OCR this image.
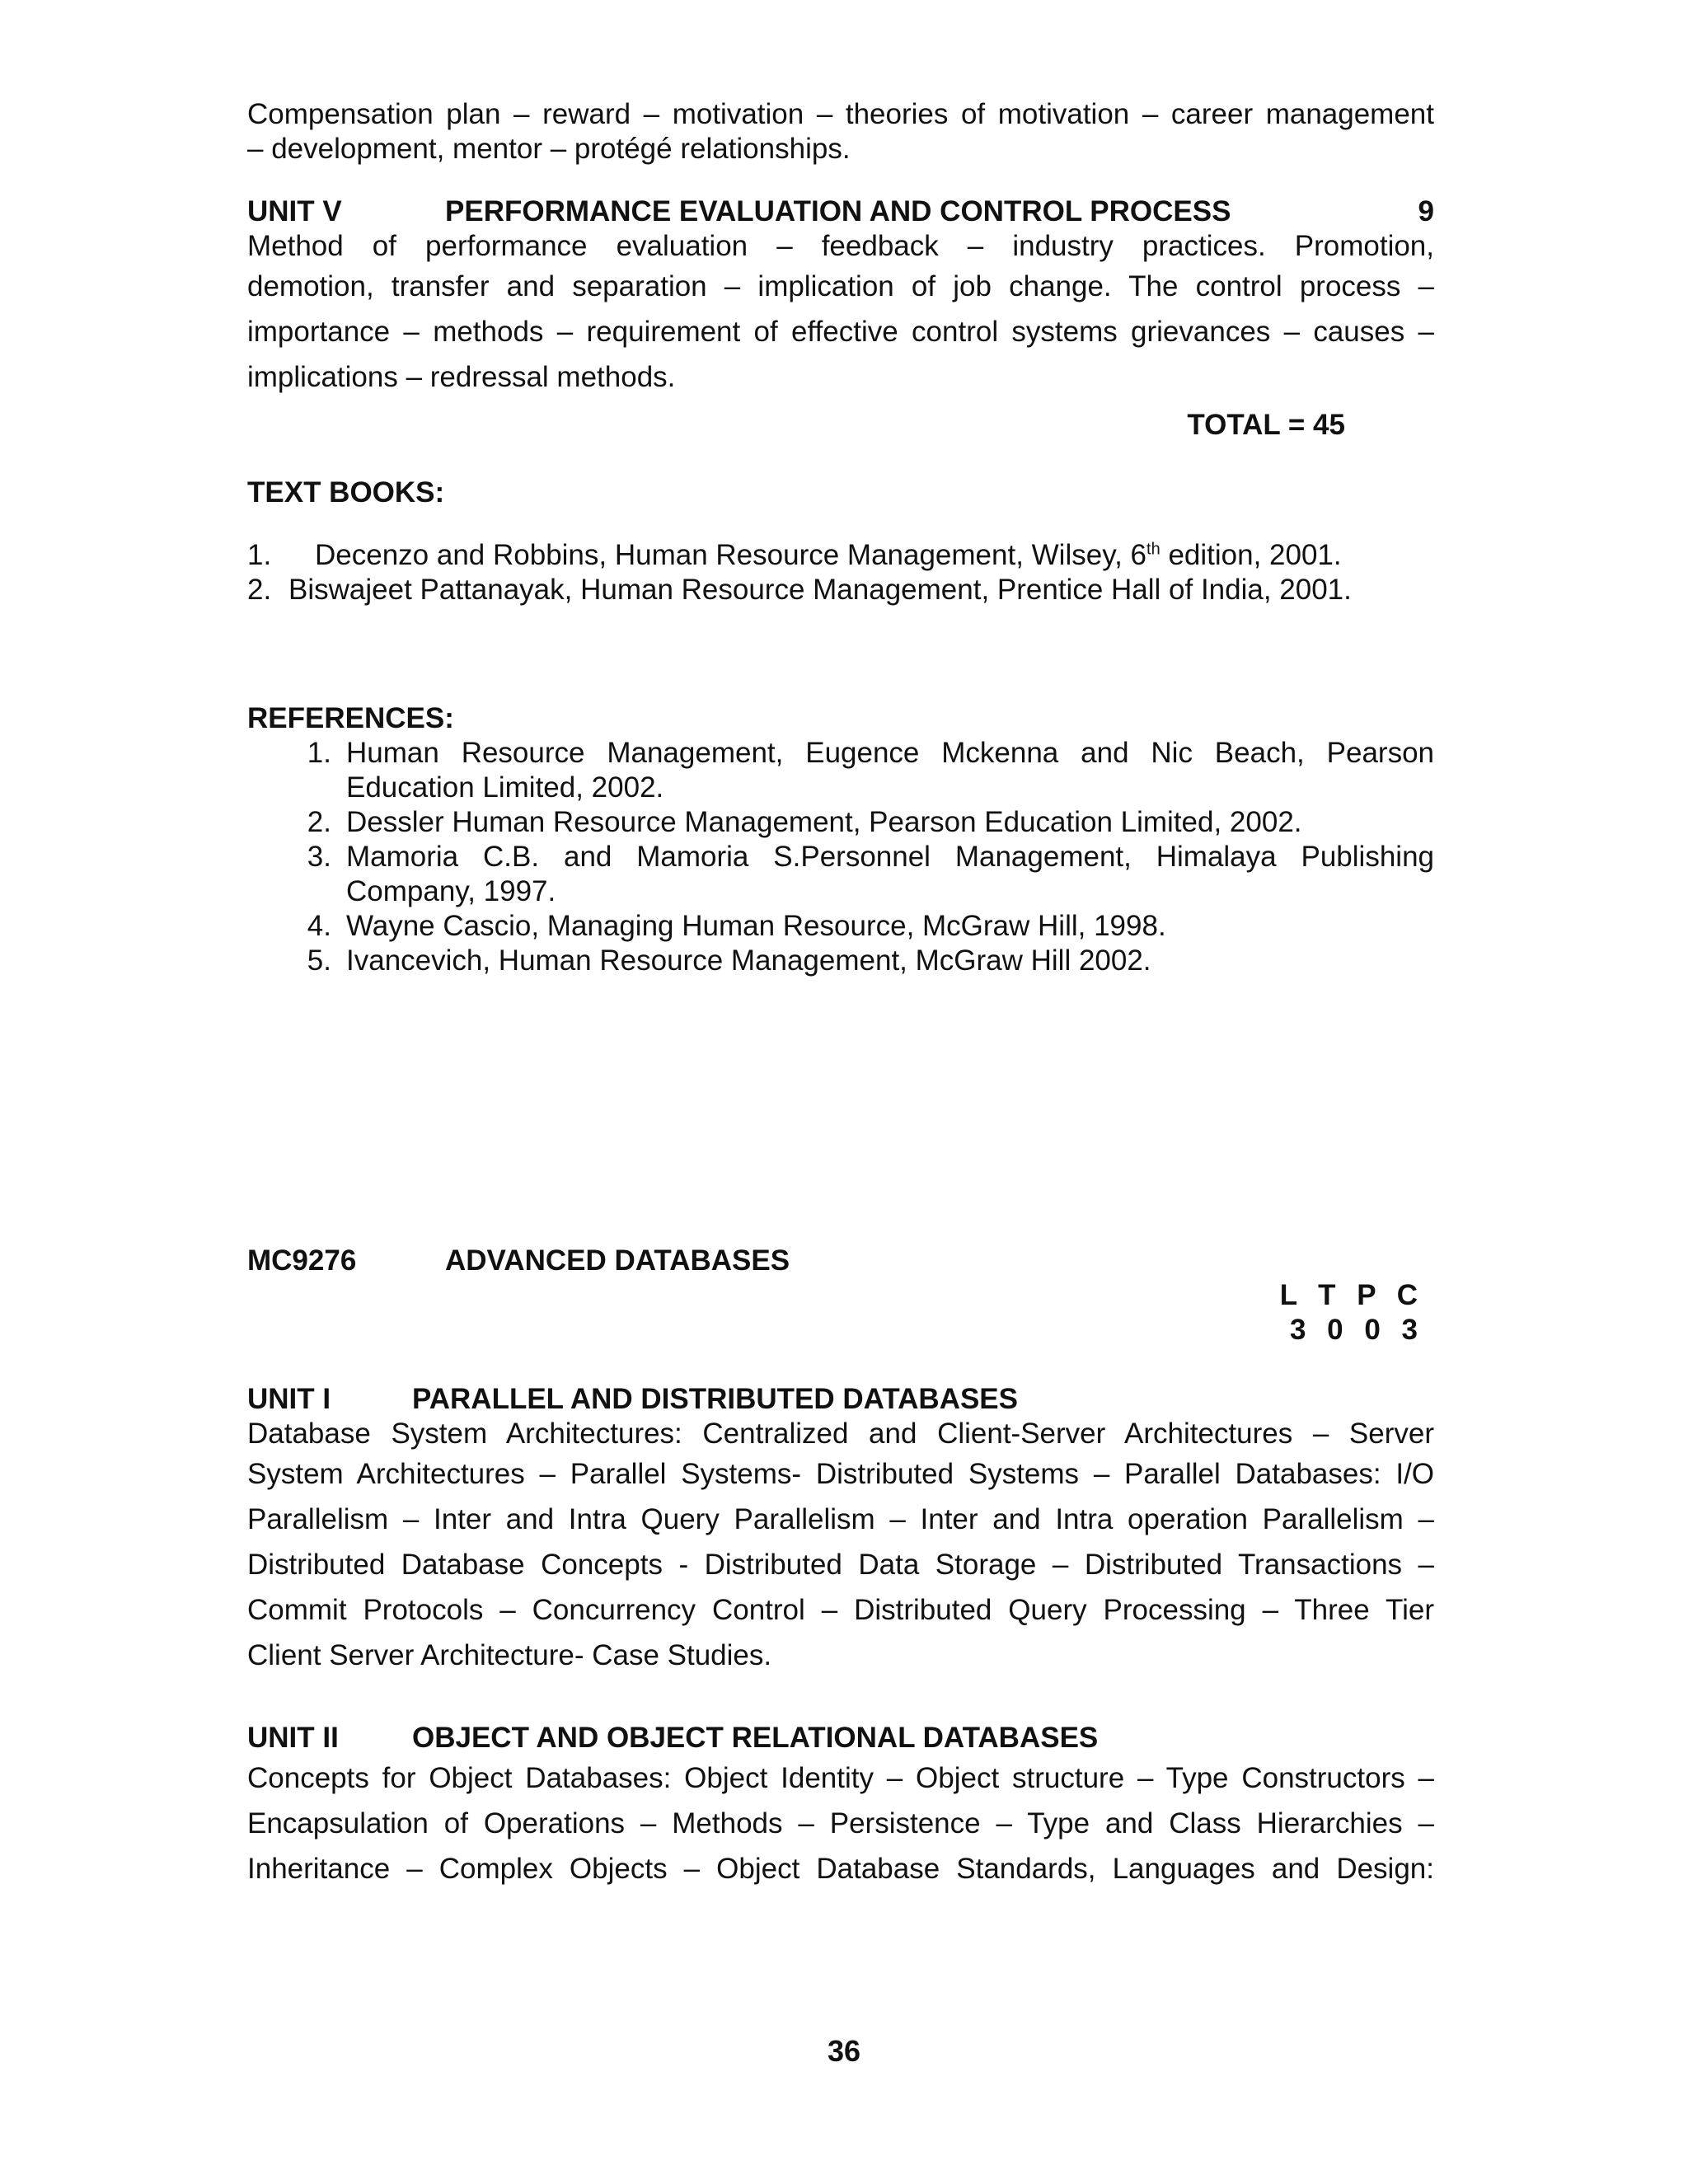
Compensation plan – reward – motivation – theories of motivation – career management
– development, mentor – protégé relationships.
UNIT V	PERFORMANCE EVALUATION AND CONTROL PROCESS	9
Method of performance evaluation – feedback – industry practices. Promotion,
demotion, transfer and separation – implication of job change. The control process –
importance – methods – requirement of effective control systems grievances – causes –
implications – redressal methods.

TOTAL = 45

TEXT BOOKS:

1.	Decenzo and Robbins, Human Resource Management, Wilsey, 6th edition, 2001.
2. Biswajeet Pattanayak, Human Resource Management, Prentice Hall of India, 2001.

REFERENCES:

1. Human Resource Management, Eugence Mckenna and Nic Beach, Pearson
Education Limited, 2002.
2. Dessler Human Resource Management, Pearson Education Limited, 2002.
3. Mamoria C.B. and Mamoria S.Personnel Management, Himalaya Publishing
Company, 1997.
4. Wayne Cascio, Managing Human Resource, McGraw Hill, 1998.
5. Ivancevich, Human Resource Management, McGraw Hill 2002.
MC9276	ADVANCED DATABASES

L T P C

3 0 0 3

UNIT I	PARALLEL AND DISTRIBUTED DATABASES
Database System Architectures: Centralized and Client-Server Architectures – Server
System Architectures – Parallel Systems- Distributed Systems – Parallel Databases: I/O
Parallelism – Inter and Intra Query Parallelism – Inter and Intra operation Parallelism –
Distributed Database Concepts - Distributed Data Storage – Distributed Transactions –
Commit Protocols – Concurrency Control – Distributed Query Processing – Three Tier
Client Server Architecture- Case Studies.
UNIT II	OBJECT AND OBJECT RELATIONAL DATABASES
Concepts for Object Databases: Object Identity – Object structure – Type Constructors –
Encapsulation of Operations – Methods – Persistence – Type and Class Hierarchies –
Inheritance – Complex Objects – Object Database Standards, Languages and Design:
36
